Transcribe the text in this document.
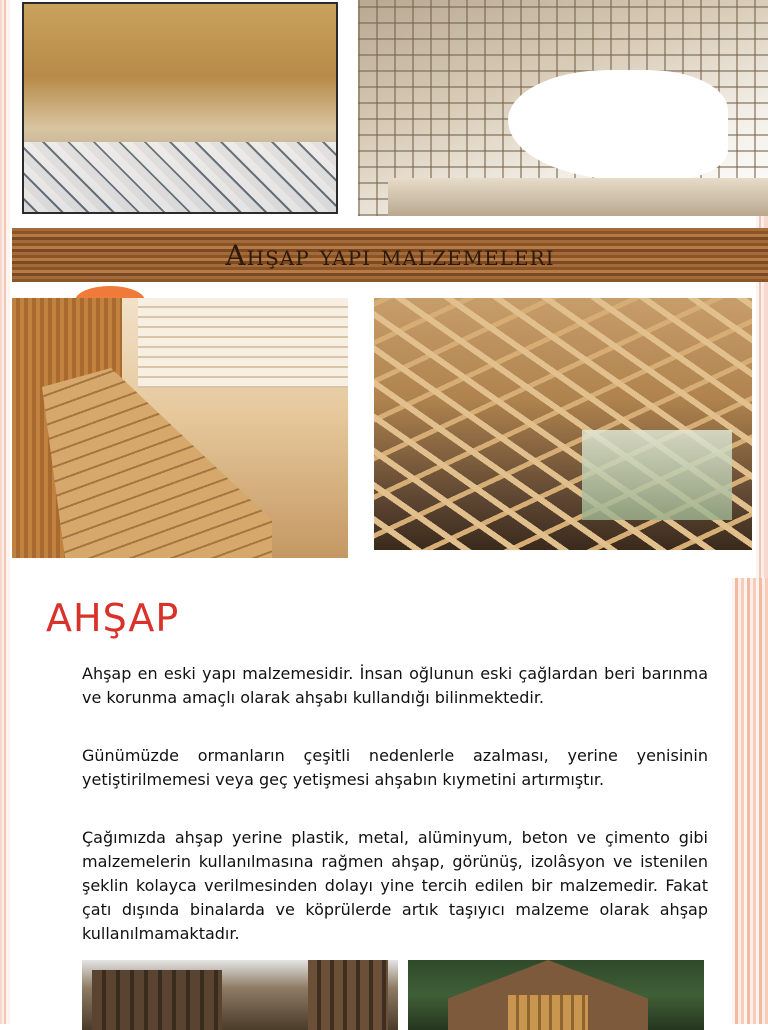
Ahşap yapı malzemeleri
AHŞAP

Ahşap en eski yapı malzemesidir. İnsan oğlunun eski çağlardan beri barınma ve korunma amaçlı olarak ahşabı kullandığı bilinmektedir.

Günümüzde ormanların çeşitli nedenlerle azalması, yerine yenisinin yetiştirilmemesi veya geç yetişmesi ahşabın kıymetini artırmıştır.

Çağımızda ahşap yerine plastik, metal, alüminyum, beton ve çimento gibi malzemelerin kullanılmasına rağmen ahşap, görünüş, izolâsyon ve istenilen şeklin kolayca verilmesinden dolayı yine tercih edilen bir malzemedir. Fakat çatı dışında binalarda ve köprülerde artık taşıyıcı malzeme olarak ahşap kullanılmamaktadır.
